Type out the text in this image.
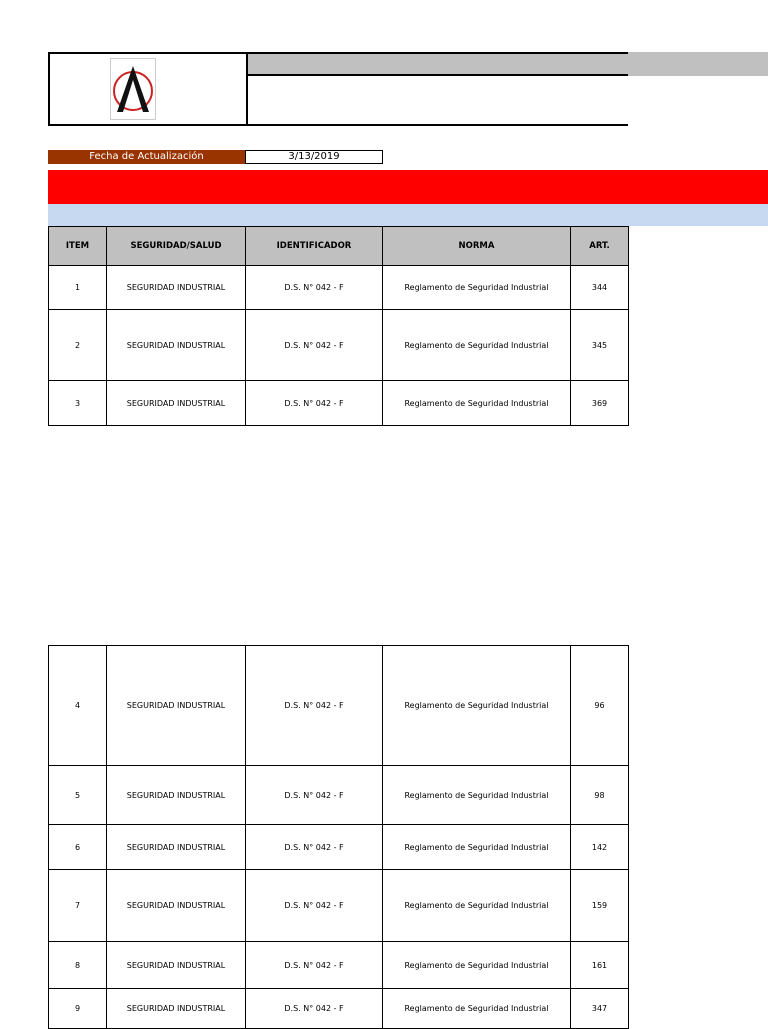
Fecha de Actualización	3/13/2019
ITEM	SEGURIDAD/SALUD	IDENTIFICADOR	NORMA	ART.
1	SEGURIDAD INDUSTRIAL	D.S. N° 042 - F	Reglamento de Seguridad Industrial	344
2	SEGURIDAD INDUSTRIAL	D.S. N° 042 - F	Reglamento de Seguridad Industrial	345
3	SEGURIDAD INDUSTRIAL	D.S. N° 042 - F	Reglamento de Seguridad Industrial	369
4	SEGURIDAD INDUSTRIAL	D.S. N° 042 - F	Reglamento de Seguridad Industrial	96
5	SEGURIDAD INDUSTRIAL	D.S. N° 042 - F	Reglamento de Seguridad Industrial	98
6	SEGURIDAD INDUSTRIAL	D.S. N° 042 - F	Reglamento de Seguridad Industrial	142
7	SEGURIDAD INDUSTRIAL	D.S. N° 042 - F	Reglamento de Seguridad Industrial	159
8	SEGURIDAD INDUSTRIAL	D.S. N° 042 - F	Reglamento de Seguridad Industrial	161
9	SEGURIDAD INDUSTRIAL	D.S. N° 042 - F	Reglamento de Seguridad Industrial	347
